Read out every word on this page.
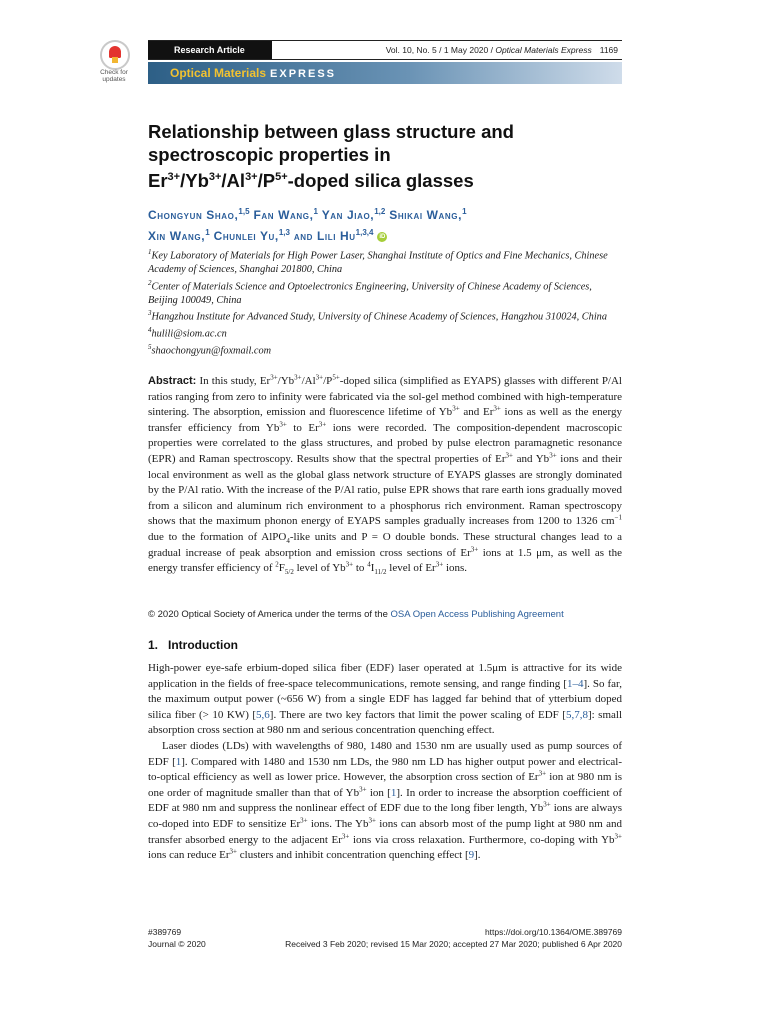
Check for
updates
Research Article	Vol. 10, No. 5 / 1 May 2020 / Optical Materials Express 1169
Optical Materials EXPRESS
Relationship between glass structure and
spectroscopic properties in
$Er^{3+}/Yb^{3+}/Al^{3+}/P^{5+}$-doped silica glasses
Chongyun Shao,$^{1,5}$ Fan Wang,$^1$ Yan Jiao,$^{1,2}$ Shikai Wang,$^1$
Xin Wang,$^1$ Chunlei Yu,$^{1,3}$ and Lili Hu$^{1,3,4}$ iD
$^1$Key Laboratory of Materials for High Power Laser, Shanghai Institute of Optics and Fine Mechanics, Chinese Academy of Sciences, Shanghai 201800, China
$^2$Center of Materials Science and Optoelectronics Engineering, University of Chinese Academy of Sciences, Beijing 100049, China
$^3$Hangzhou Institute for Advanced Study, University of Chinese Academy of Sciences, Hangzhou 310024, China
$^4$hulili@siom.ac.cn
$^5$shaochongyun@foxmail.com
Abstract: In this study, $Er^{3+}/Yb^{3+}/Al^{3+}/P^{5+}$-doped silica (simplified as EYAPS) glasses with different P/Al ratios ranging from zero to infinity were fabricated via the sol-gel method combined with high-temperature sintering. The absorption, emission and fluorescence lifetime of $Yb^{3+}$ and $Er^{3+}$ ions as well as the energy transfer efficiency from $Yb^{3+}$ to $Er^{3+}$ ions were recorded. The composition-dependent macroscopic properties were correlated to the glass structures, and probed by pulse electron paramagnetic resonance (EPR) and Raman spectroscopy. Results show that the spectral properties of $Er^{3+}$ and $Yb^{3+}$ ions and their local environment as well as the global glass network structure of EYAPS glasses are strongly dominated by the P/Al ratio. With the increase of the P/Al ratio, pulse EPR shows that rare earth ions gradually moved from a silicon and aluminum rich environment to a phosphorus rich environment. Raman spectroscopy shows that the maximum phonon energy of EYAPS samples gradually increases from 1200 to 1326 $cm^{-1}$ due to the formation of AlPO$_4$-like units and P = O double bonds. These structural changes lead to a gradual increase of peak absorption and emission cross sections of $Er^{3+}$ ions at 1.5 μm, as well as the energy transfer efficiency of $^2F_{5/2}$ level of $Yb^{3+}$ to $^4I_{11/2}$ level of $Er^{3+}$ ions.
© 2020 Optical Society of America under the terms of the OSA Open Access Publishing Agreement
1. Introduction

High-power eye-safe erbium-doped silica fiber (EDF) laser operated at 1.5μm is attractive for its wide application in the fields of free-space telecommunications, remote sensing, and range finding [1–4]. So far, the maximum output power (~656 W) from a single EDF has lagged far behind that of ytterbium doped silica fiber (> 10 KW) [5,6]. There are two key factors that limit the power scaling of EDF [5,7,8]: small absorption cross section at 980 nm and serious concentration quenching effect.

Laser diodes (LDs) with wavelengths of 980, 1480 and 1530 nm are usually used as pump sources of EDF [1]. Compared with 1480 and 1530 nm LDs, the 980 nm LD has higher output power and electrical-to-optical efficiency as well as lower price. However, the absorption cross section of $Er^{3+}$ ion at 980 nm is one order of magnitude smaller than that of $Yb^{3+}$ ion [1]. In order to increase the absorption coefficient of EDF at 980 nm and suppress the nonlinear effect of EDF due to the long fiber length, $Yb^{3+}$ ions are always co-doped into EDF to sensitize $Er^{3+}$ ions. The $Yb^{3+}$ ions can absorb most of the pump light at 980 nm and transfer absorbed energy to the adjacent $Er^{3+}$ ions via cross relaxation. Furthermore, co-doping with $Yb^{3+}$ ions can reduce $Er^{3+}$ clusters and inhibit concentration quenching effect [9].

#389769
Journal © 2020
https://doi.org/10.1364/OME.389769
Received 3 Feb 2020; revised 15 Mar 2020; accepted 27 Mar 2020; published 6 Apr 2020
